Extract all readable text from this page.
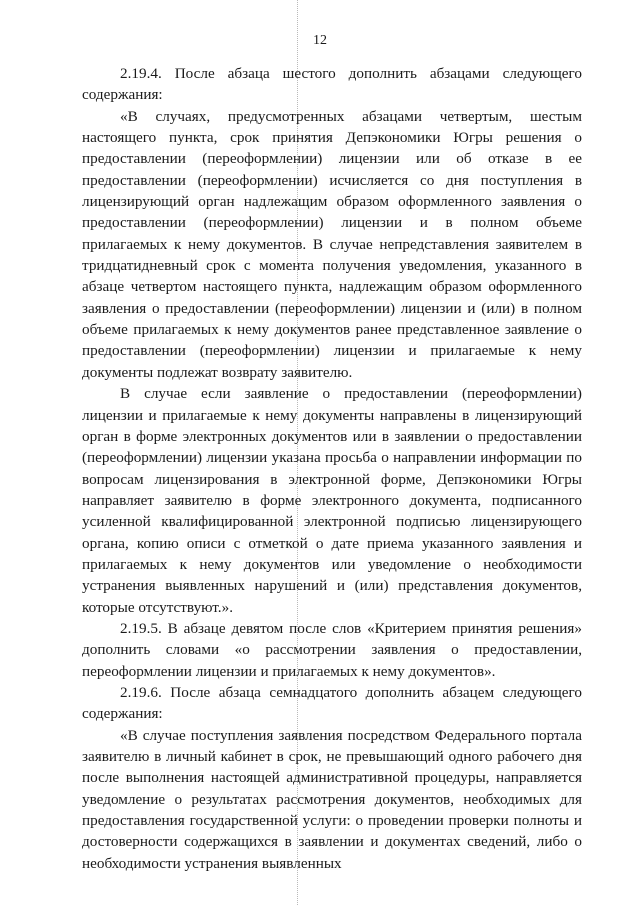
12

2.19.4. После абзаца шестого дополнить абзацами следующего содержания:

«В случаях, предусмотренных абзацами четвертым, шестым настоящего пункта, срок принятия Депэкономики Югры решения о предоставлении (переоформлении) лицензии или об отказе в ее предоставлении (переоформлении) исчисляется со дня поступления в лицензирующий орган надлежащим образом оформленного заявления о предоставлении (переоформлении) лицензии и в полном объеме прилагаемых к нему документов. В случае непредставления заявителем в тридцатидневный срок с момента получения уведомления, указанного в абзаце четвертом настоящего пункта, надлежащим образом оформленного заявления о предоставлении (переоформлении) лицензии и (или) в полном объеме прилагаемых к нему документов ранее представленное заявление о предоставлении (переоформлении) лицензии и прилагаемые к нему документы подлежат возврату заявителю.

В случае если заявление о предоставлении (переоформлении) лицензии и прилагаемые к нему документы направлены в лицензирующий орган в форме электронных документов или в заявлении о предоставлении (переоформлении) лицензии указана просьба о направлении информации по вопросам лицензирования в электронной форме, Депэкономики Югры направляет заявителю в форме электронного документа, подписанного усиленной квалифицированной электронной подписью лицензирующего органа, копию описи с отметкой о дате приема указанного заявления и прилагаемых к нему документов или уведомление о необходимости устранения выявленных нарушений и (или) представления документов, которые отсутствуют.».

2.19.5. В абзаце девятом после слов «Критерием принятия решения» дополнить словами «о рассмотрении заявления о предоставлении, переоформлении лицензии и прилагаемых к нему документов».

2.19.6. После абзаца семнадцатого дополнить абзацем следующего содержания:

«В случае поступления заявления посредством Федерального портала заявителю в личный кабинет в срок, не превышающий одного рабочего дня после выполнения настоящей административной процедуры, направляется уведомление о результатах рассмотрения документов, необходимых для предоставления государственной услуги: о проведении проверки полноты и достоверности содержащихся в заявлении и документах сведений, либо о необходимости устранения выявленных
